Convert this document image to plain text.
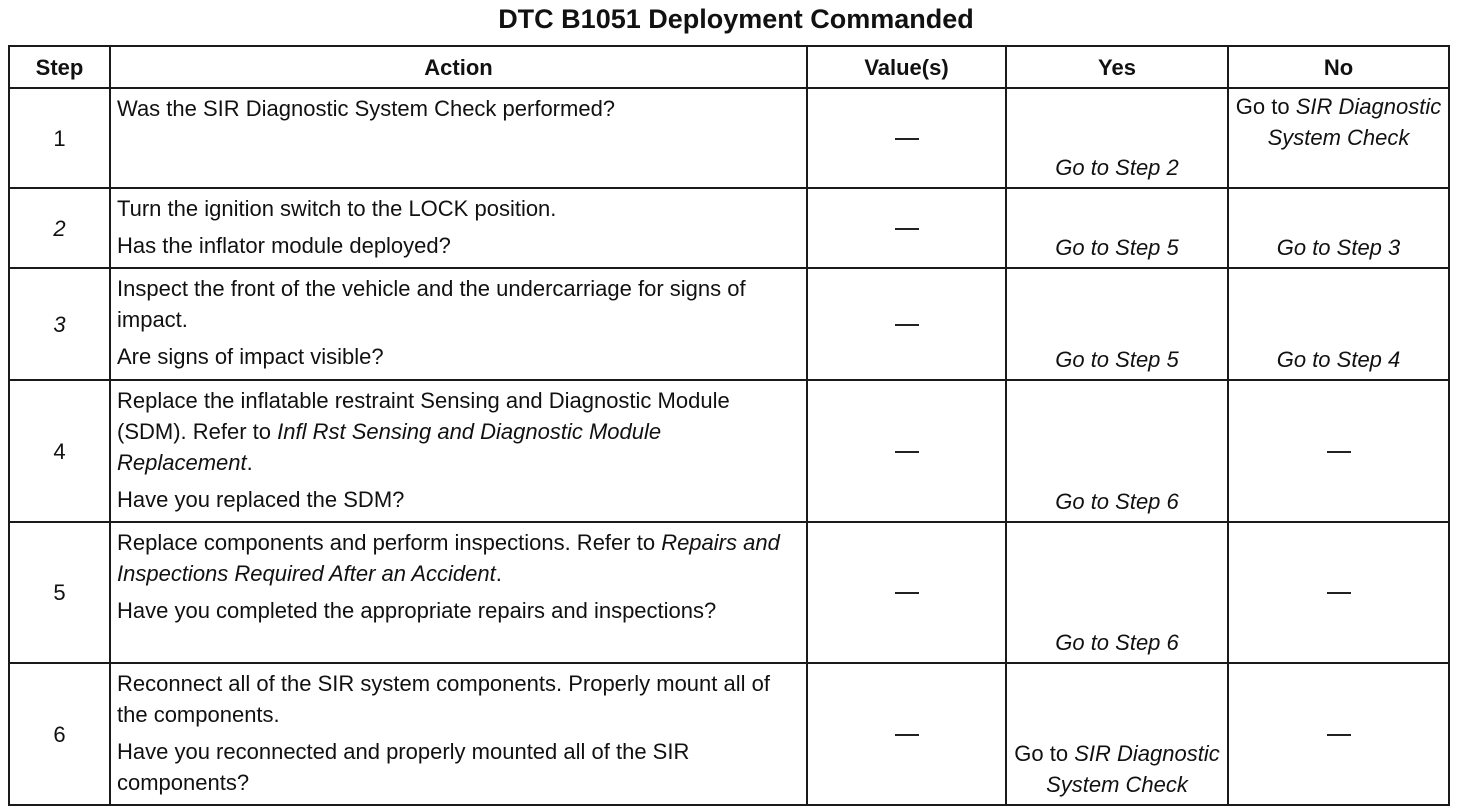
DTC B1051 Deployment Commanded
Step	Action	Value(s)	Yes	No
1	Was the SIR Diagnostic System Check performed?		Go to Step 2	Go to SIR Diagnostic System Check
2	Turn the ignition switch to the LOCK position.

Has the inflator module deployed?		Go to Step 5	Go to Step 3
3	Inspect the front of the vehicle and the undercarriage for signs of impact.

Are signs of impact visible?		Go to Step 5	Go to Step 4
4	Replace the inflatable restraint Sensing and Diagnostic Module (SDM). Refer to Infl Rst Sensing and Diagnostic Module Replacement.

Have you replaced the SDM?		Go to Step 6	
5	Replace components and perform inspections. Refer to Repairs and Inspections Required After an Accident.

Have you completed the appropriate repairs and inspections?		Go to Step 6	
6	Reconnect all of the SIR system components. Properly mount all of the components.

Have you reconnected and properly mounted all of the SIR components?		Go to SIR Diagnostic System Check	
